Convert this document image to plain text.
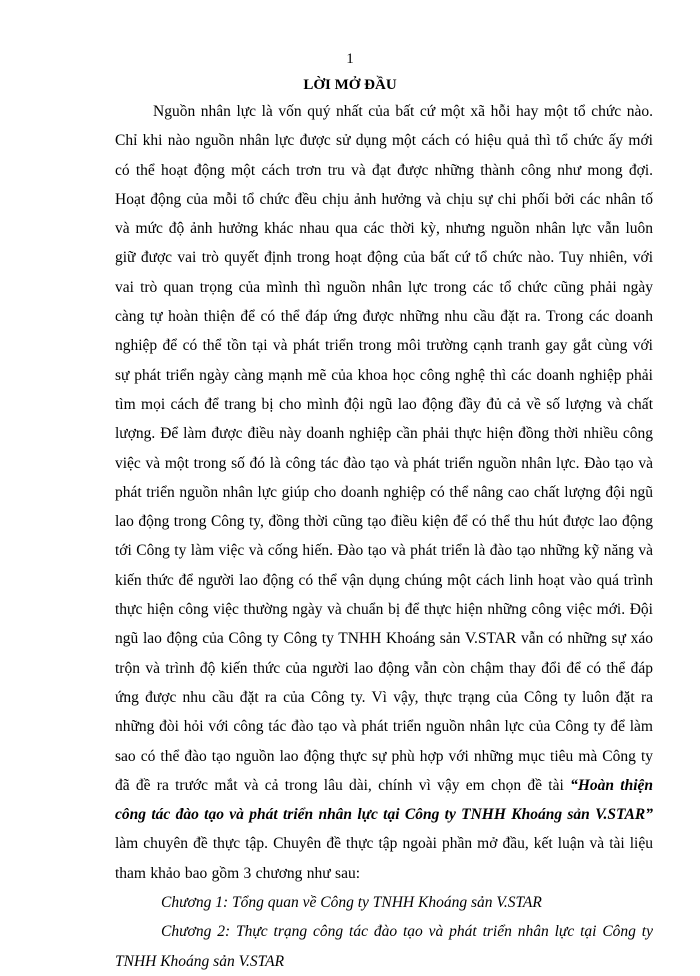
1
LỜI MỞ ĐẦU

Nguồn nhân lực là vốn quý nhất của bất cứ một xã hỗi hay một tổ chức nào. Chỉ khi nào nguồn nhân lực được sử dụng một cách có hiệu quả thì tổ chức ấy mới có thể hoạt động một cách trơn tru và đạt được những thành công như mong đợi. Hoạt động của mỗi tổ chức đều chịu ảnh hưởng và chịu sự chi phối bởi các nhân tố và mức độ ảnh hưởng khác nhau qua các thời kỳ, nhưng nguồn nhân lực vẫn luôn giữ được vai trò quyết định trong hoạt động của bất cứ tổ chức nào. Tuy nhiên, với vai trò quan trọng của mình thì nguồn nhân lực trong các tổ chức cũng phải ngày càng tự hoàn thiện để có thể đáp ứng được những nhu cầu đặt ra. Trong các doanh nghiệp để có thể tồn tại và phát triển trong môi trường cạnh tranh gay gắt cùng với sự phát triển ngày càng mạnh mẽ của khoa học công nghệ thì các doanh nghiệp phải tìm mọi cách để trang bị cho mình đội ngũ lao động đầy đủ cả về số lượng và chất lượng. Để làm được điều này doanh nghiệp cần phải thực hiện đồng thời nhiều công việc và một trong số đó là công tác đào tạo và phát triển nguồn nhân lực. Đào tạo và phát triển nguồn nhân lực giúp cho doanh nghiệp có thể nâng cao chất lượng đội ngũ lao động trong Công ty, đồng thời cũng tạo điều kiện để có thể thu hút được lao động tới Công ty làm việc và cống hiến. Đào tạo và phát triển là đào tạo những kỹ năng và kiến thức để người lao động có thể vận dụng chúng một cách linh hoạt vào quá trình thực hiện công việc thường ngày và chuẩn bị để thực hiện những công việc mới. Đội ngũ lao động của Công ty Công ty TNHH Khoáng sản V.STAR vẫn có những sự xáo trộn và trình độ kiến thức của người lao động vẫn còn chậm thay đổi để có thể đáp ứng được nhu cầu đặt ra của Công ty. Vì vậy, thực trạng của Công ty luôn đặt ra những đòi hỏi với công tác đào tạo và phát triển nguồn nhân lực của Công ty để làm sao có thể đào tạo nguồn lao động thực sự phù hợp với những mục tiêu mà Công ty đã đề ra trước mắt và cả trong lâu dài, chính vì vậy em chọn đề tài “Hoàn thiện công tác đào tạo và phát triển nhân lực tại Công ty TNHH Khoáng sản V.STAR” làm chuyên đề thực tập. Chuyên đề thực tập ngoài phần mở đầu, kết luận và tài liệu tham khảo bao gồm 3 chương như sau:

Chương 1: Tổng quan về Công ty TNHH Khoáng sản V.STAR

Chương 2: Thực trạng công tác đào tạo và phát triển nhân lực tại Công ty TNHH Khoáng sản V.STAR
